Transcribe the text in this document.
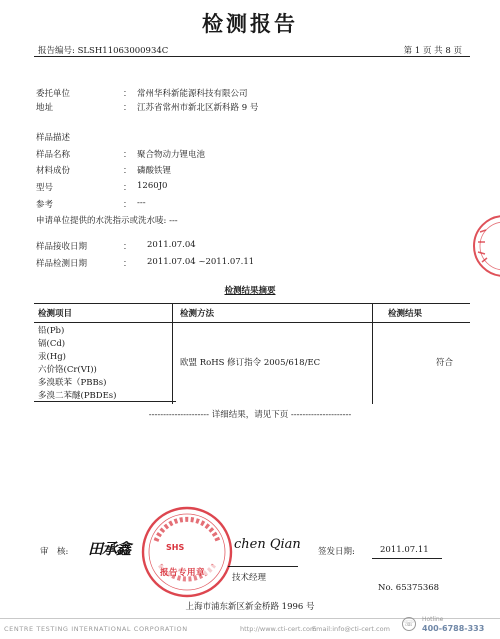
检测报告
报告编号: SLSH11063000934C	第 1 页 共 8 页
委托单位	： 常州华科新能源科技有限公司
地址	： 江苏省常州市新北区新科路 9 号
样品描述
样品名称	： 聚合物动力锂电池
材料成份	： 磷酸铁锂
型号	： 1260J0
参考	： ---
申请单位提供的水洗指示或洗水唛: ---
样品接收日期	： 2011.07.04
样品检测日期	： 2011.07.04 ~2011.07.11
检测结果摘要
检测项目	检测方法	检测结果
铅(Pb)	欧盟 RoHS 修订指令 2005/618/EC	符合
镉(Cd)		
汞(Hg)		
六价铬(Cr(VI))		
多溴联苯（PBBs)		
多溴二苯醚(PBDEs)		
--------------------- 详细结果，请见下页 ---------------------
审　核: 田承鑫	SHS
报告专用章
chen Qian
技术经理
签发日期:	2011.07.11
No. 65375368
上海市浦东新区新金桥路 1996 号
CENTRE TESTING INTERNATIONAL CORPORATION	http://www.cti-cert.com
Email:info@cti-cert.com
☏	Hotline
400-6788-333
